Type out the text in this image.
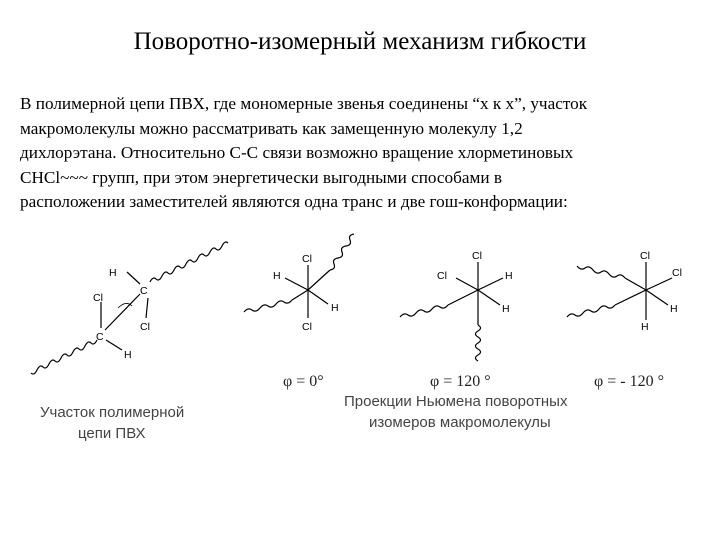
Поворотно-изомерный механизм гибкости
В полимерной цепи ПВХ, где мономерные звенья соединены “х к х”, участок
макромолекулы можно рассматривать как замещенную молекулу 1,2
дихлорэтана. Относительно С-С связи возможно вращение хлорметиновых
CHCl~~~ групп, при этом энергетически выгодными способами в
расположении заместителей являются одна транс и две гош-конформации:
H
C
Cl
Cl
C
H
Участок полимерной
цепи ПВХ
Cl
Cl
H
H
φ = 0°
Cl
Cl	H
H
φ = 120 °
Cl
Cl
H
H
φ = - 120 °
Проекции Ньюмена поворотных
изомеров макромолекулы
